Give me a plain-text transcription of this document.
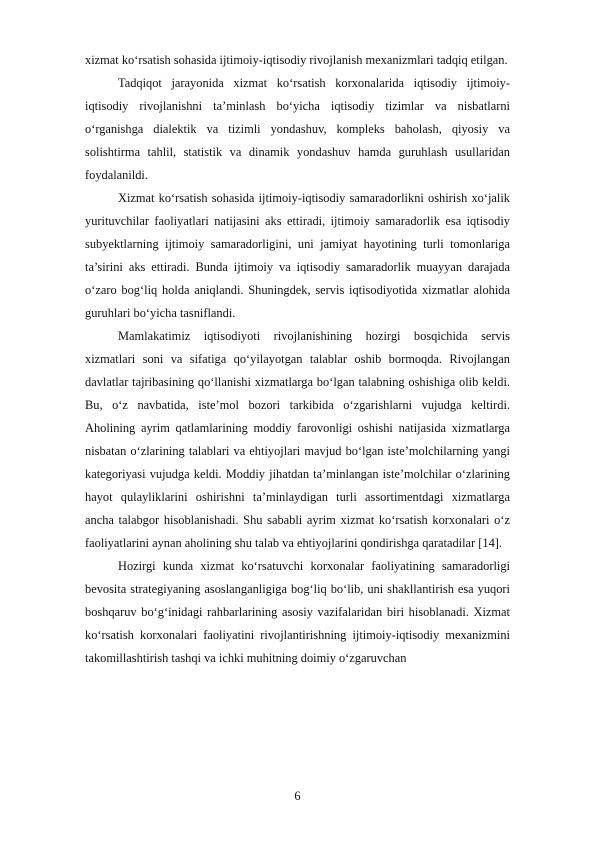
xizmat ko‘rsatish sohasida ijtimoiy-iqtisodiy rivojlanish mexanizmlari tadqiq etilgan.

Tadqiqot jarayonida xizmat ko‘rsatish korxonalarida iqtisodiy ijtimoiy-iqtisodiy rivojlanishni ta’minlash bo‘yicha iqtisodiy tizimlar va nisbatlarni o‘rganishga dialektik va tizimli yondashuv, kompleks baholash, qiyosiy va solishtirma tahlil, statistik va dinamik yondashuv hamda guruhlash usullaridan foydalanildi.

Xizmat ko‘rsatish sohasida ijtimoiy-iqtisodiy samaradorlikni oshirish xo‘jalik yurituvchilar faoliyatlari natijasini aks ettiradi, ijtimoiy samaradorlik esa iqtisodiy subyektlarning ijtimoiy samaradorligini, uni jamiyat hayotining turli tomonlariga ta’sirini aks ettiradi. Bunda ijtimoiy va iqtisodiy samaradorlik muayyan darajada o‘zaro bog‘liq holda aniqlandi. Shuningdek, servis iqtisodiyotida xizmatlar alohida guruhlari bo‘yicha tasniflandi.

Mamlakatimiz iqtisodiyoti rivojlanishining hozirgi bosqichida servis xizmatlari soni va sifatiga qo‘yilayotgan talablar oshib bormoqda. Rivojlangan davlatlar tajribasining qo‘llanishi xizmatlarga bo‘lgan talabning oshishiga olib keldi. Bu, o‘z navbatida, iste’mol bozori tarkibida o‘zgarishlarni vujudga keltirdi. Aholining ayrim qatlamlarining moddiy farovonligi oshishi natijasida xizmatlarga nisbatan o‘zlarining talablari va ehtiyojlari mavjud bo‘lgan iste’molchilarning yangi kategoriyasi vujudga keldi. Moddiy jihatdan ta’minlangan iste’molchilar o‘zlarining hayot qulayliklarini oshirishni ta’minlaydigan turli assortimentdagi xizmatlarga ancha talabgor hisoblanishadi. Shu sababli ayrim xizmat ko‘rsatish korxonalari o‘z faoliyatlarini aynan aholining shu talab va ehtiyojlarini qondirishga qaratadilar [14].

Hozirgi kunda xizmat ko‘rsatuvchi korxonalar faoliyatining samaradorligi bevosita strategiyaning asoslanganligiga bog‘liq bo‘lib, uni shakllantirish esa yuqori boshqaruv bo‘g‘inidagi rahbarlarining asosiy vazifalaridan biri hisoblanadi. Xizmat ko‘rsatish korxonalari faoliyatini rivojlantirishning ijtimoiy-iqtisodiy mexanizmini takomillashtirish tashqi va ichki muhitning doimiy o‘zgaruvchan

6
